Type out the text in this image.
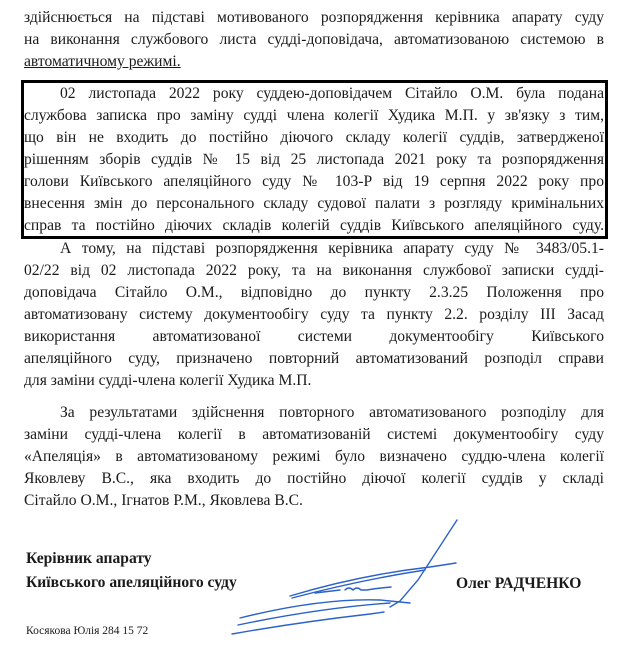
здійснюється на підставі мотивованого розпорядження керівника апарату суду
на виконання службового листа судді-доповідача, автоматизованою системою в
автоматичному режимі.
02 листопада 2022 року суддею-доповідачем Сітайло О.М. була подана
службова записка про заміну судді члена колегії Худика М.П. у зв'язку з тим,
що він не входить до постійно діючого складу колегії суддів, затвердженої
рішенням зборів суддів № 15 від 25 листопада 2021 року та розпорядження
голови Київського апеляційного суду № 103-Р від 19 серпня 2022 року про
внесення змін до персонального складу судової палати з розгляду кримінальних
справ та постійно діючих складів колегій суддів Київського апеляційного суду.
А тому, на підставі розпорядження керівника апарату суду № 3483/05.1-
02/22 від 02 листопада 2022 року, та на виконання службової записки судді-
доповідача Сітайло О.М., відповідно до пункту 2.3.25 Положення про
автоматизовану систему документообігу суду та пункту 2.2. розділу III Засад
використання автоматизованої системи документообігу Київського
апеляційного суду, призначено повторний автоматизований розподіл справи
для заміни судді-члена колегії Худика М.П.
За результатами здійснення повторного автоматизованого розподілу для
заміни судді-члена колегії в автоматизованій системі документообігу суду
«Апеляція» в автоматизованому режимі було визначено суддю-члена колегії
Яковлеву В.С., яка входить до постійно діючої колегії суддів у складі
Сітайло О.М., Ігнатов Р.М., Яковлева В.С.
Керівник апарату
Київського апеляційного суду	Олег РАДЧЕНКО
Косякова Юлія 284 15 72
